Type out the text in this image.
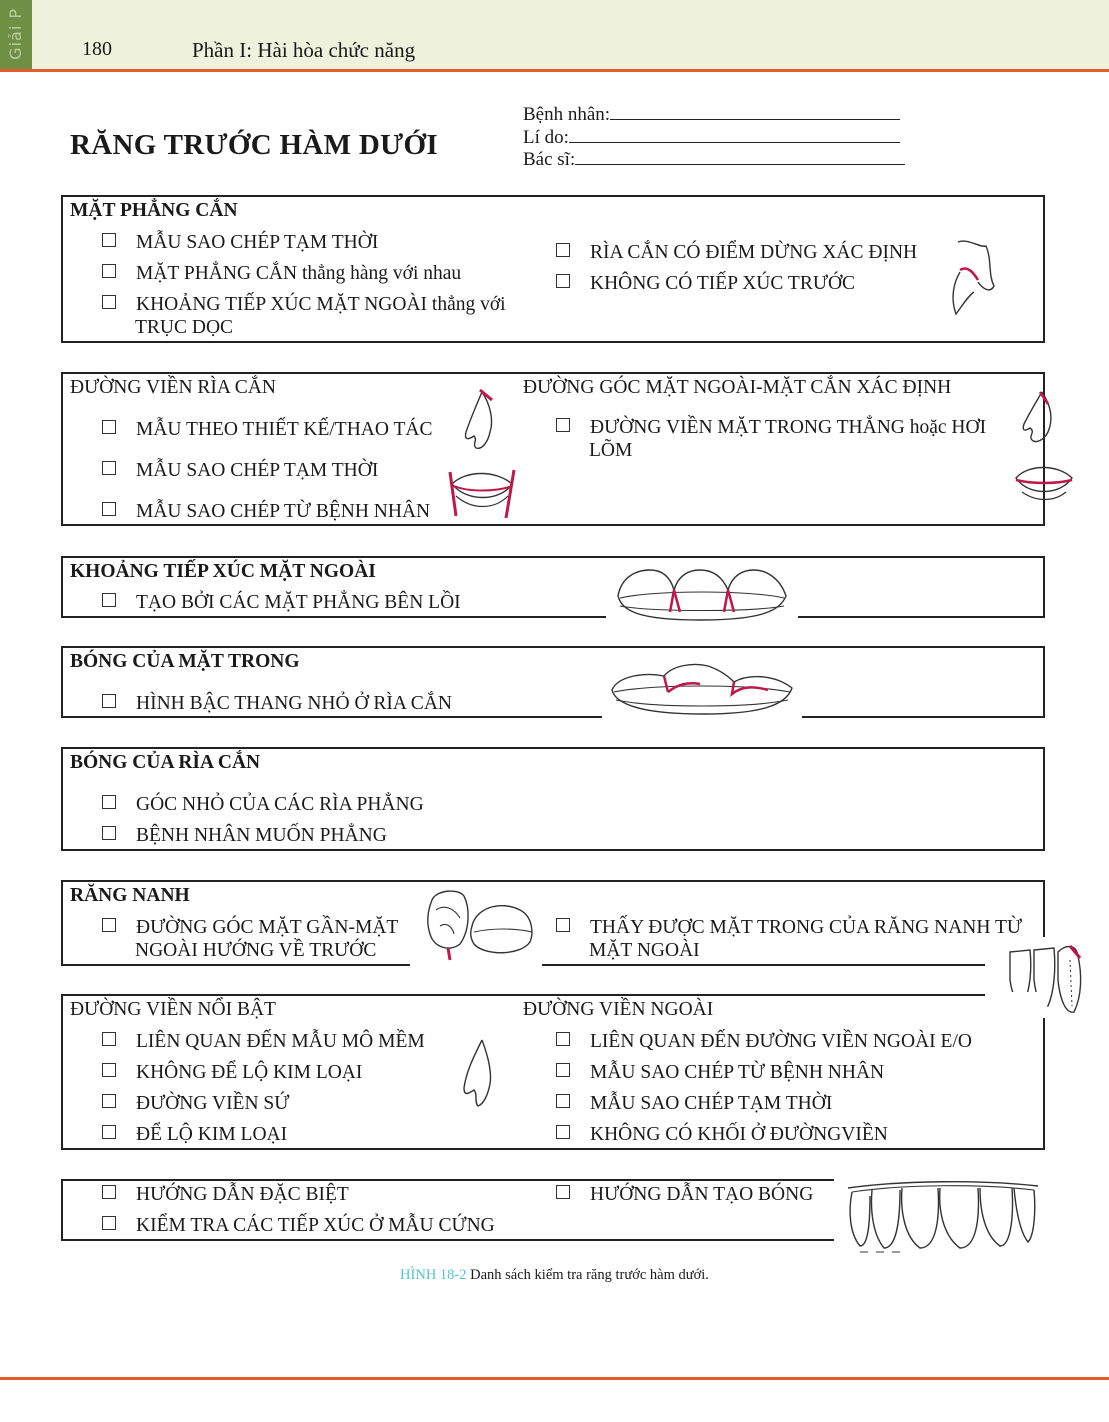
Giải P	180	Phần I: Hài hòa chức năng
RĂNG TRƯỚC HÀM DƯỚI
Bệnh nhân:
Lí do:
Bác sĩ:
MẶT PHẲNG CẮN
MẪU SAO CHÉP TẠM THỜI
MẶT PHẲNG CẮN thẳng hàng với nhau
KHOẢNG TIẾP XÚC MẶT NGOÀI thẳng với TRỤC DỌC
RÌA CẮN CÓ ĐIỂM DỪNG XÁC ĐỊNH
KHÔNG CÓ TIẾP XÚC TRƯỚC
ĐƯỜNG VIỀN RÌA CẮN
MẪU THEO THIẾT KẾ/THAO TÁC
MẪU SAO CHÉP TẠM THỜI
MẪU SAO CHÉP TỪ BỆNH NHÂN
ĐƯỜNG GÓC MẶT NGOÀI-MẶT CẮN XÁC ĐỊNH
ĐƯỜNG VIỀN MẶT TRONG THẲNG hoặc HƠI LÕM
KHOẢNG TIẾP XÚC MẶT NGOÀI
TẠO BỞI CÁC MẶT PHẲNG BÊN LỒI
BÓNG CỦA MẶT TRONG
HÌNH BẬC THANG NHỎ Ở RÌA CẮN
BÓNG CỦA RÌA CẮN
GÓC NHỎ CỦA CÁC RÌA PHẲNG
BỆNH NHÂN MUỐN PHẲNG
RĂNG NANH
ĐƯỜNG GÓC MẶT GẦN-MẶT NGOÀI HƯỚNG VỀ TRƯỚC
THẤY ĐƯỢC MẶT TRONG CỦA RĂNG NANH TỪ MẶT NGOÀI
ĐƯỜNG VIỀN NỔI BẬT
LIÊN QUAN ĐẾN MẪU MÔ MỀM
KHÔNG ĐỂ LỘ KIM LOẠI
ĐƯỜNG VIỀN SỨ
ĐỂ LỘ KIM LOẠI
ĐƯỜNG VIỀN NGOÀI
LIÊN QUAN ĐẾN ĐƯỜNG VIỀN NGOÀI E/O
MẪU SAO CHÉP TỪ BỆNH NHÂN
MẪU SAO CHÉP TẠM THỜI
KHÔNG CÓ KHỐI Ở ĐƯỜNGVIỀN
HƯỚNG DẪN ĐẶC BIỆT
KIỂM TRA CÁC TIẾP XÚC Ở MẪU CỨNG
HƯỚNG DẪN TẠO BÓNG
HÌNH 18-2 Danh sách kiểm tra răng trước hàm dưới.
